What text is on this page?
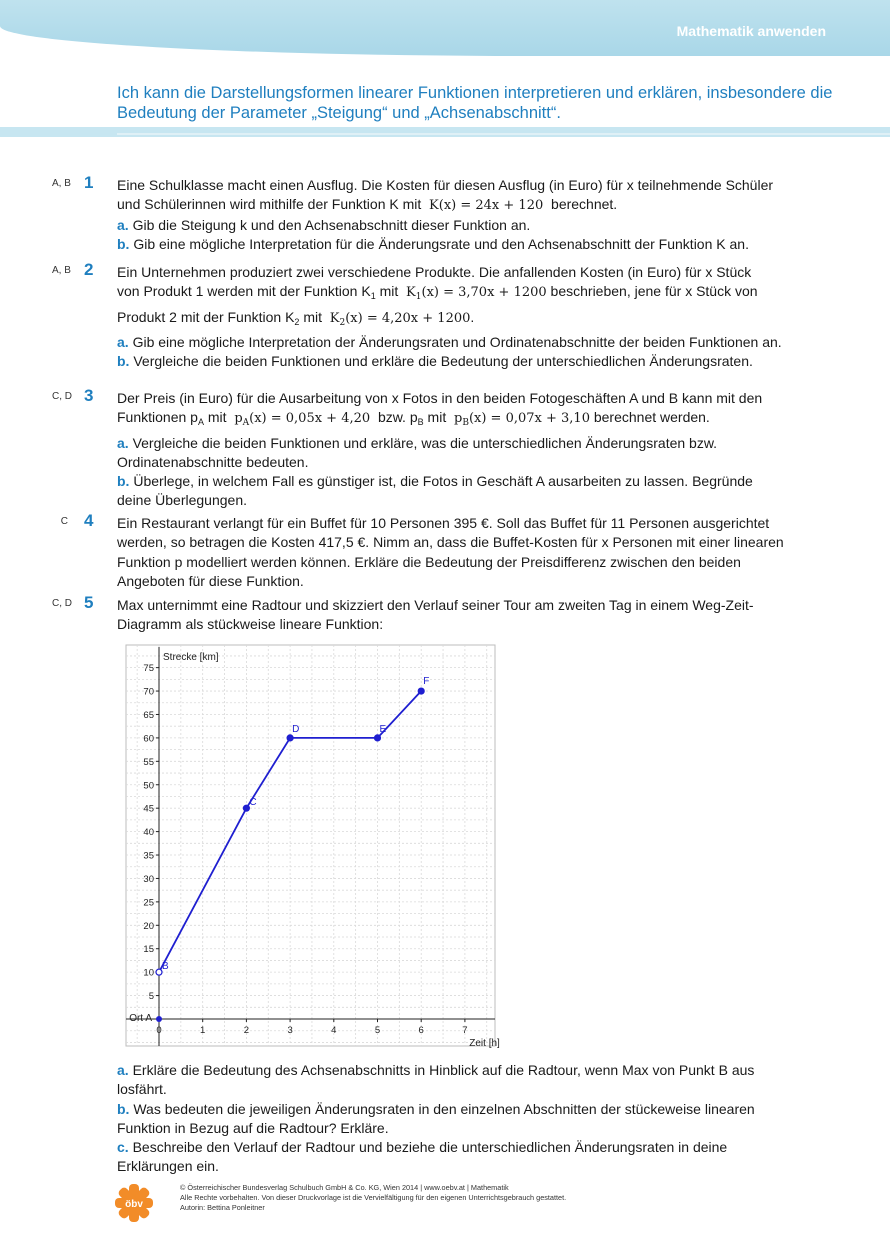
Mathematik anwenden
Ich kann die Darstellungsformen linearer Funktionen interpretieren und erklären, insbesondere die Bedeutung der Parameter „Steigung“ und „Achsenabschnitt“.
A, B 1 Eine Schulklasse macht einen Ausflug. Die Kosten für diesen Ausflug (in Euro) für x teilnehmende Schüler

und Schülerinnen wird mithilfe der Funktion K mit K(x) = 24x + 120 berechnet.

a. Gib die Steigung k und den Achsenabschnitt dieser Funktion an.

b. Gib eine mögliche Interpretation für die Änderungsrate und den Achsenabschnitt der Funktion K an.

A, B 2 Ein Unternehmen produziert zwei verschiedene Produkte. Die anfallenden Kosten (in Euro) für x Stück

von Produkt 1 werden mit der Funktion $K_1$ mit $K_1(x) = 3,70x + 1200$ beschrieben, jene für x Stück von

Produkt 2 mit der Funktion $K_2$ mit $K_2(x) = 4,20x + 1200$.

a. Gib eine mögliche Interpretation der Änderungsraten und Ordinatenabschnitte der beiden Funktionen an.

b. Vergleiche die beiden Funktionen und erkläre die Bedeutung der unterschiedlichen Änderungsraten.

C, D 3 Der Preis (in Euro) für die Ausarbeitung von x Fotos in den beiden Fotogeschäften A und B kann mit den

Funktionen $p_A$ mit $p_A(x) = 0,05x + 4,20$ bzw. $p_B$ mit $p_B(x) = 0,07x + 3,10$ berechnet werden.

a. Vergleiche die beiden Funktionen und erkläre, was die unterschiedlichen Änderungsraten bzw. Ordinatenabschnitte bedeuten.

b. Überlege, in welchem Fall es günstiger ist, die Fotos in Geschäft A ausarbeiten zu lassen. Begründe deine Überlegungen.

C 4 Ein Restaurant verlangt für ein Buffet für 10 Personen 395 €. Soll das Buffet für 11 Personen ausgerichtet werden, so betragen die Kosten 417,5 €. Nimm an, dass die Buffet-Kosten für x Personen mit einer linearen Funktion p modelliert werden können. Erkläre die Bedeutung der Preisdifferenz zwischen den beiden Angeboten für diese Funktion.

C, D 5 Max unternimmt eine Radtour und skizziert den Verlauf seiner Tour am zweiten Tag in einem Weg-Zeit-Diagramm als stückweise lineare Funktion:

5
10
15
20
25
30
35
40
45
50
55
60
65
70
75
0	1	2	3	4	5	6	7
Strecke [km]
Zeit [h]
Ort A
B
C
D	E
F

a. Erkläre die Bedeutung des Achsenabschnitts in Hinblick auf die Radtour, wenn Max von Punkt B aus losfährt.

b. Was bedeuten die jeweiligen Änderungsraten in den einzelnen Abschnitten der stückeweise linearen Funktion in Bezug auf die Radtour? Erkläre.

c. Beschreibe den Verlauf der Radtour und beziehe die unterschiedlichen Änderungsraten in deine Erklärungen ein.

öbv
© Österreichischer Bundesverlag Schulbuch GmbH & Co. KG, Wien 2014 | www.oebv.at | Mathematik
Alle Rechte vorbehalten. Von dieser Druckvorlage ist die Vervielfältigung für den eigenen Unterrichtsgebrauch gestattet.
Autorin: Bettina Ponleitner
